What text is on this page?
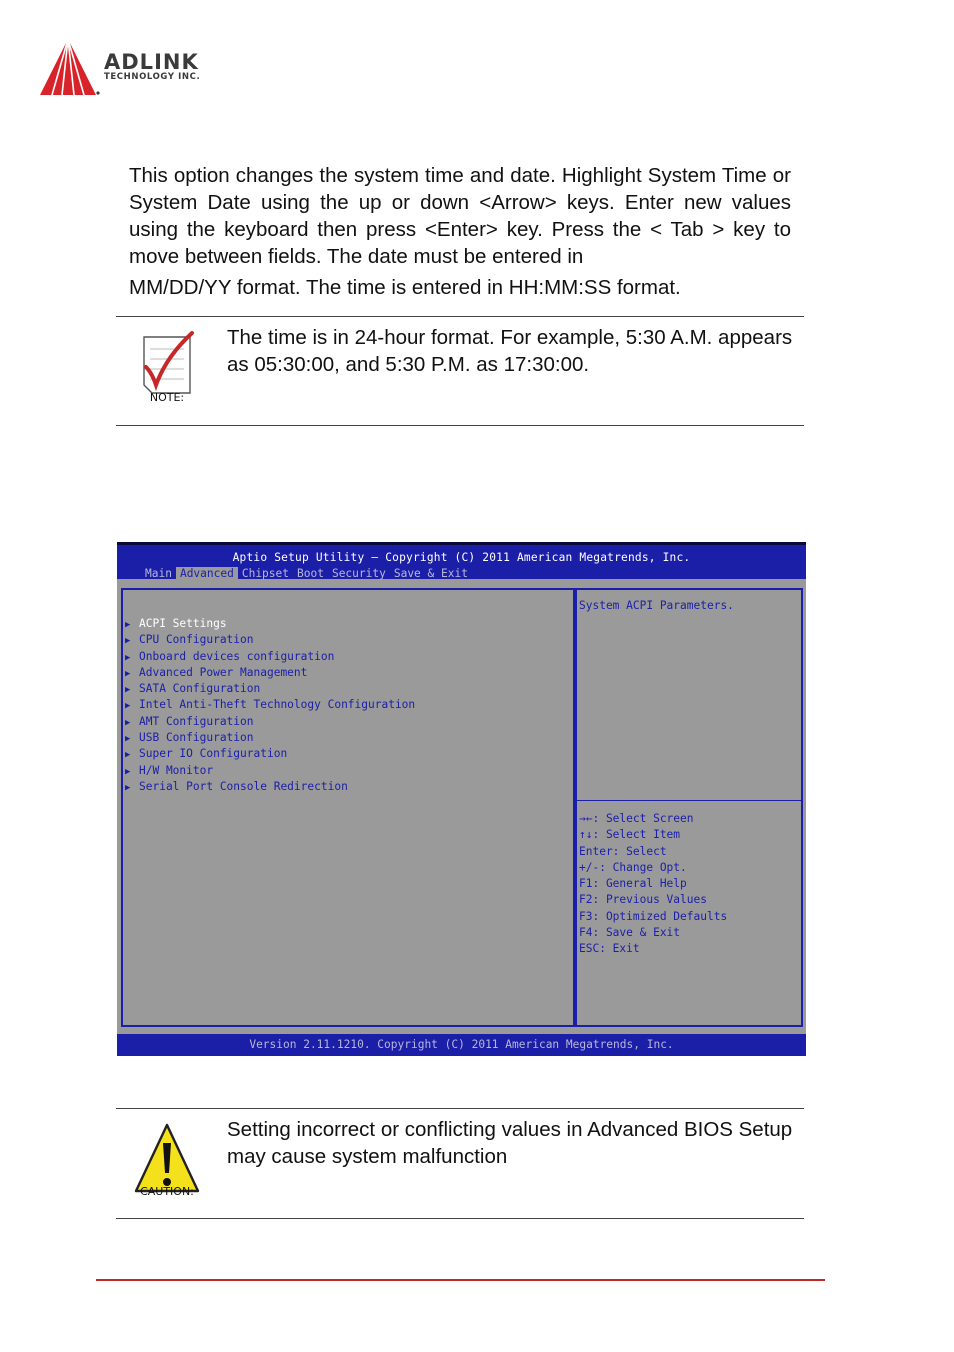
ADLINK
TECHNOLOGY INC.
This option changes the system time and date. Highlight System Time or System Date using the up or down <Arrow> keys. Enter new values using the keyboard then press <Enter> key. Press the < Tab > key to move between fields. The date must be entered in
MM/DD/YY format. The time is entered in HH:MM:SS format.
NOTE:
The time is in 24-hour format. For example, 5:30 A.M. appears as 05:30:00, and 5:30 P.M. as 17:30:00.
Aptio Setup Utility – Copyright (C) 2011 American Megatrends, Inc.
Main Advanced Chipset Boot Security Save & Exit
▶ ACPI Settings
▶ CPU Configuration
▶ Onboard devices configuration
▶ Advanced Power Management
▶ SATA Configuration
▶ Intel Anti-Theft Technology Configuration
▶ AMT Configuration
▶ USB Configuration
▶ Super IO Configuration
▶ H/W Monitor
▶ Serial Port Console Redirection
System ACPI Parameters.
→←: Select Screen
↑↓: Select Item
Enter: Select
+/-: Change Opt.
F1: General Help
F2: Previous Values
F3: Optimized Defaults
F4: Save & Exit
ESC: Exit
Version 2.11.1210. Copyright (C) 2011 American Megatrends, Inc.
CAUTION:
Setting incorrect or conflicting values in Advanced BIOS Setup may cause system malfunction
